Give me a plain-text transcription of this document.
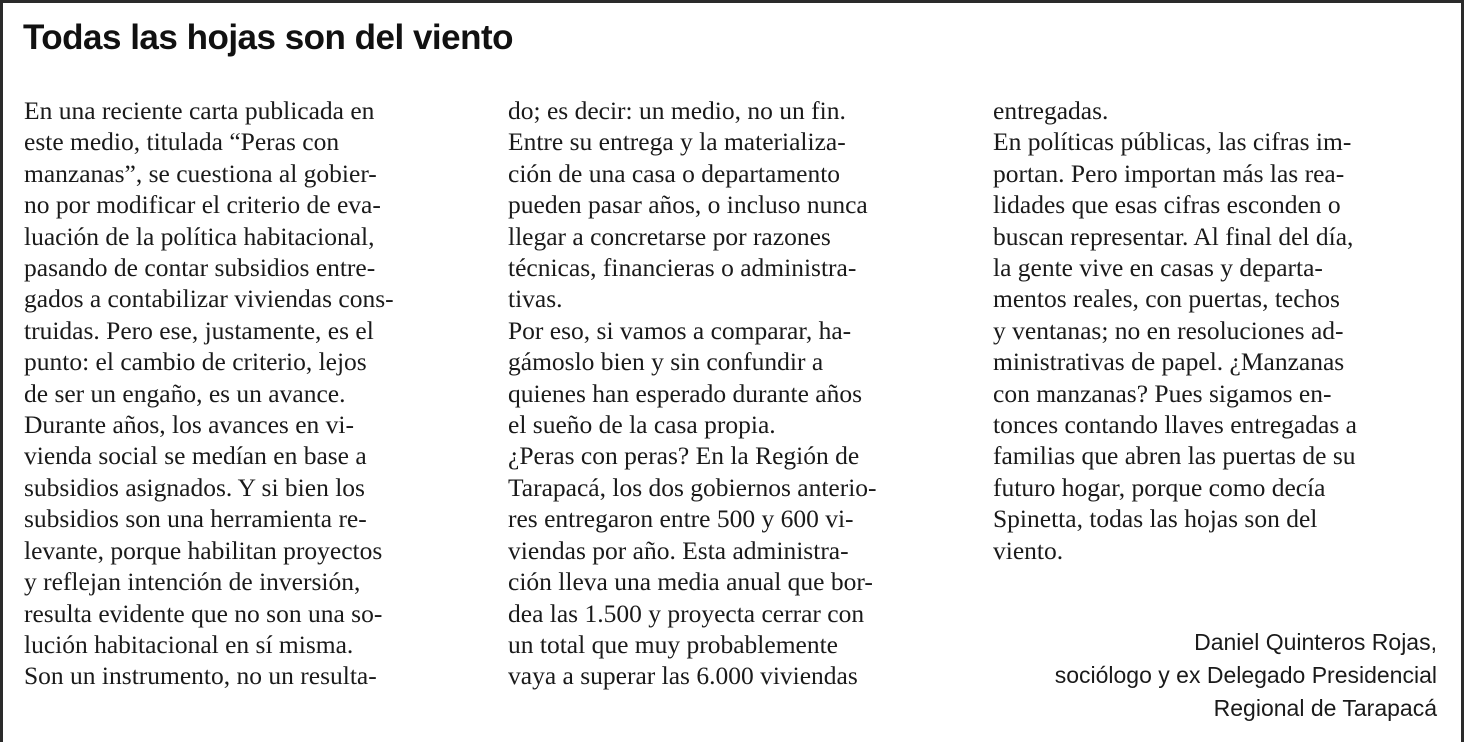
Todas las hojas son del viento
En una reciente carta publicada en
este medio, titulada “Peras con
manzanas”, se cuestiona al gobier-
no por modificar el criterio de eva-
luación de la política habitacional,
pasando de contar subsidios entre-
gados a contabilizar viviendas cons-
truidas. Pero ese, justamente, es el
punto: el cambio de criterio, lejos
de ser un engaño, es un avance.
Durante años, los avances en vi-
vienda social se medían en base a
subsidios asignados. Y si bien los
subsidios son una herramienta re-
levante, porque habilitan proyectos
y reflejan intención de inversión,
resulta evidente que no son una so-
lución habitacional en sí misma.
Son un instrumento, no un resulta-
do; es decir: un medio, no un fin.
Entre su entrega y la materializa-
ción de una casa o departamento
pueden pasar años, o incluso nunca
llegar a concretarse por razones
técnicas, financieras o administra-
tivas.
Por eso, si vamos a comparar, ha-
gámoslo bien y sin confundir a
quienes han esperado durante años
el sueño de la casa propia.
¿Peras con peras? En la Región de
Tarapacá, los dos gobiernos anterio-
res entregaron entre 500 y 600 vi-
viendas por año. Esta administra-
ción lleva una media anual que bor-
dea las 1.500 y proyecta cerrar con
un total que muy probablemente
vaya a superar las 6.000 viviendas
entregadas.
En políticas públicas, las cifras im-
portan. Pero importan más las rea-
lidades que esas cifras esconden o
buscan representar. Al final del día,
la gente vive en casas y departa-
mentos reales, con puertas, techos
y ventanas; no en resoluciones ad-
ministrativas de papel. ¿Manzanas
con manzanas? Pues sigamos en-
tonces contando llaves entregadas a
familias que abren las puertas de su
futuro hogar, porque como decía
Spinetta, todas las hojas son del
viento.
Daniel Quinteros Rojas,
sociólogo y ex Delegado Presidencial
Regional de Tarapacá
